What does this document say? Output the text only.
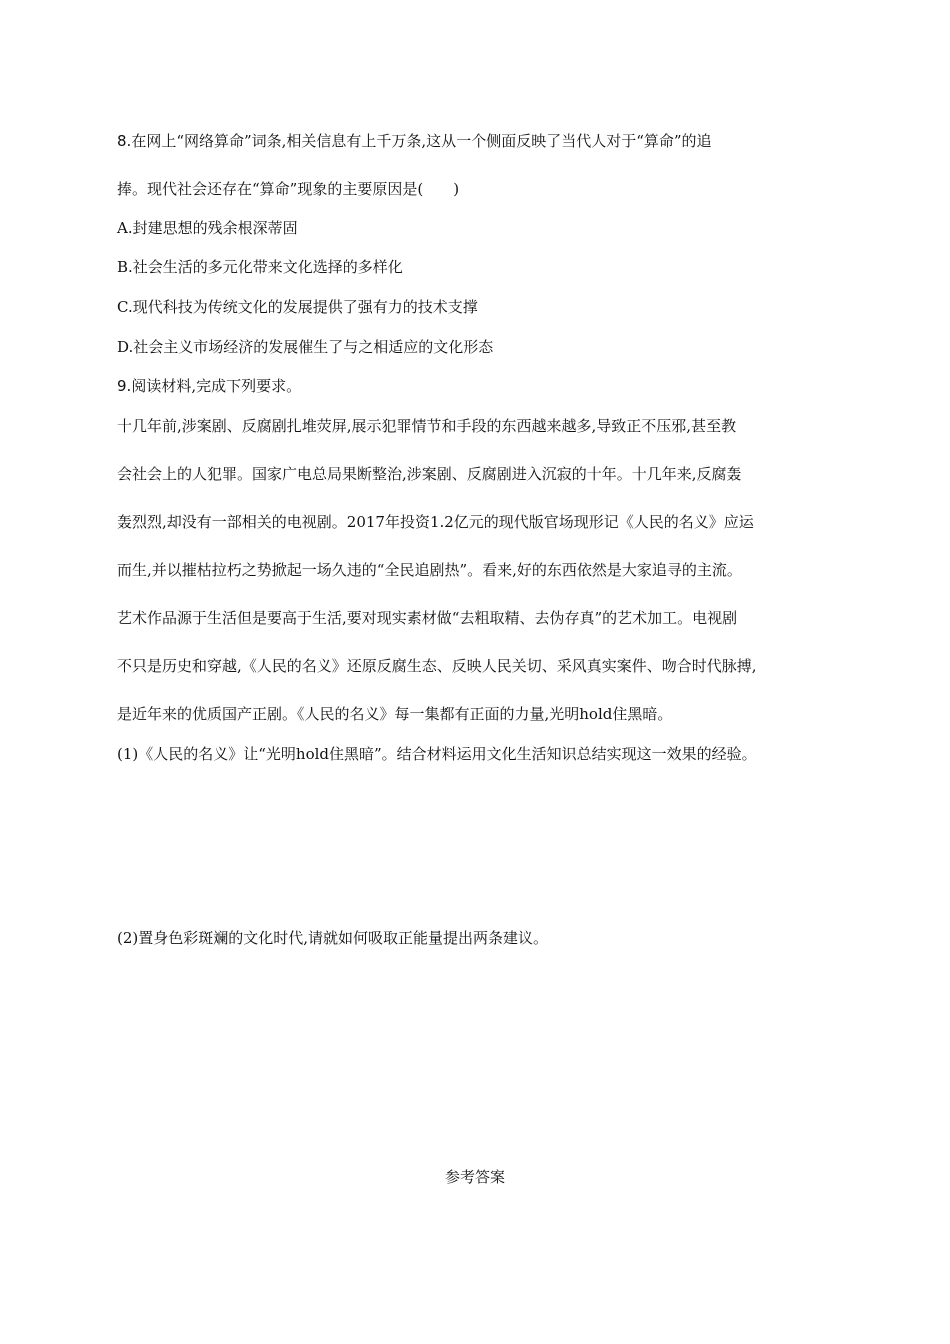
8.在网上“网络算命”词条,相关信息有上千万条,这从一个侧面反映了当代人对于“算命”的追
捧。现代社会还存在“算命”现象的主要原因是(　　)
A.封建思想的残余根深蒂固
B.社会生活的多元化带来文化选择的多样化
C.现代科技为传统文化的发展提供了强有力的技术支撑
D.社会主义市场经济的发展催生了与之相适应的文化形态
9.阅读材料,完成下列要求。
十几年前,涉案剧、反腐剧扎堆荧屏,展示犯罪情节和手段的东西越来越多,导致正不压邪,甚至教
会社会上的人犯罪。国家广电总局果断整治,涉案剧、反腐剧进入沉寂的十年。十几年来,反腐轰
轰烈烈,却没有一部相关的电视剧。2017年投资1.2亿元的现代版官场现形记《人民的名义》应运
而生,并以摧枯拉朽之势掀起一场久违的“全民追剧热”。看来,好的东西依然是大家追寻的主流。
艺术作品源于生活但是要高于生活,要对现实素材做“去粗取精、去伪存真”的艺术加工。电视剧
不只是历史和穿越,《人民的名义》还原反腐生态、反映人民关切、采风真实案件、吻合时代脉搏,
是近年来的优质国产正剧。《人民的名义》每一集都有正面的力量,光明hold住黑暗。
(1)《人民的名义》让“光明hold住黑暗”。结合材料运用文化生活知识总结实现这一效果的经验。
(2)置身色彩斑斓的文化时代,请就如何吸取正能量提出两条建议。
参考答案
